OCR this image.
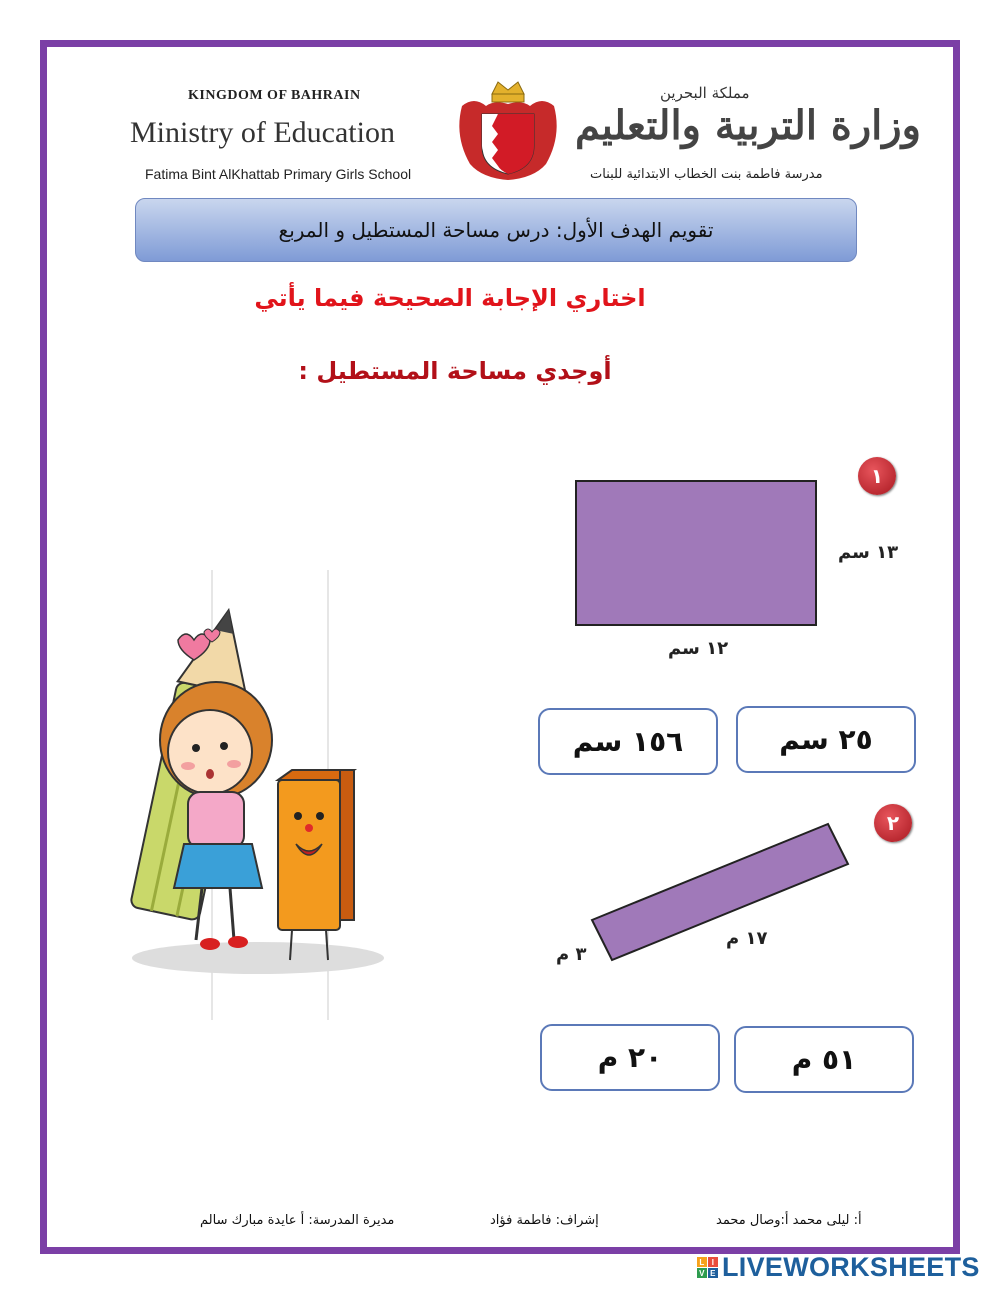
KINGDOM OF BAHRAIN
Ministry of Education
Fatima Bint AlKhattab Primary Girls School
مملكة البحرين
وزارة التربية والتعليم
مدرسة فاطمة بنت الخطاب الابتدائية للبنات
تقويم الهدف الأول: درس مساحة المستطيل و المربع
اختاري الإجابة الصحيحة فيما يأتي
أوجدي مساحة المستطيل :
١
١٣ سم
١٢ سم
١٥٦ سم	٢٥ سم
٢
١٧ م
٣ م
٢٠ م	٥١ م
أ: ليلى محمد أ:وصال محمد
إشراف: فاطمة فؤاد
مديرة المدرسة: أ عايدة مبارك سالم
L I
V E LIVEWORKSHEETS
